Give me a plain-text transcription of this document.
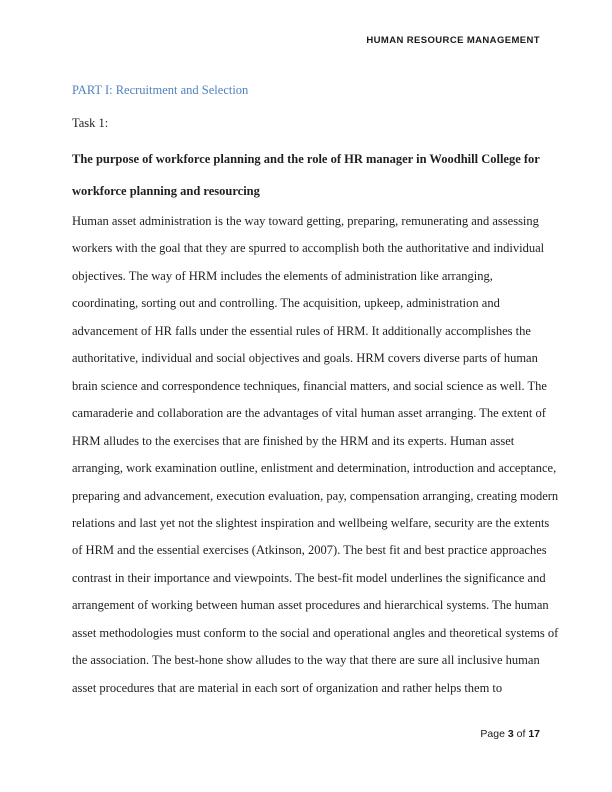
HUMAN RESOURCE MANAGEMENT
PART I: Recruitment and Selection
Task 1:
The purpose of workforce planning and the role of HR manager in Woodhill College for
workforce planning and resourcing
Human asset administration is the way toward getting, preparing, remunerating and assessing
workers with the goal that they are spurred to accomplish both the authoritative and individual
objectives. The way of HRM includes the elements of administration like arranging,
coordinating, sorting out and controlling. The acquisition, upkeep, administration and
advancement of HR falls under the essential rules of HRM. It additionally accomplishes the
authoritative, individual and social objectives and goals. HRM covers diverse parts of human
brain science and correspondence techniques, financial matters, and social science as well. The
camaraderie and collaboration are the advantages of vital human asset arranging. The extent of
HRM alludes to the exercises that are finished by the HRM and its experts. Human asset
arranging, work examination outline, enlistment and determination, introduction and acceptance,
preparing and advancement, execution evaluation, pay, compensation arranging, creating modern
relations and last yet not the slightest inspiration and wellbeing welfare, security are the extents
of HRM and the essential exercises (Atkinson, 2007). The best fit and best practice approaches
contrast in their importance and viewpoints. The best-fit model underlines the significance and
arrangement of working between human asset procedures and hierarchical systems. The human
asset methodologies must conform to the social and operational angles and theoretical systems of
the association. The best-hone show alludes to the way that there are sure all inclusive human
asset procedures that are material in each sort of organization and rather helps them to
Page 3 of 17
